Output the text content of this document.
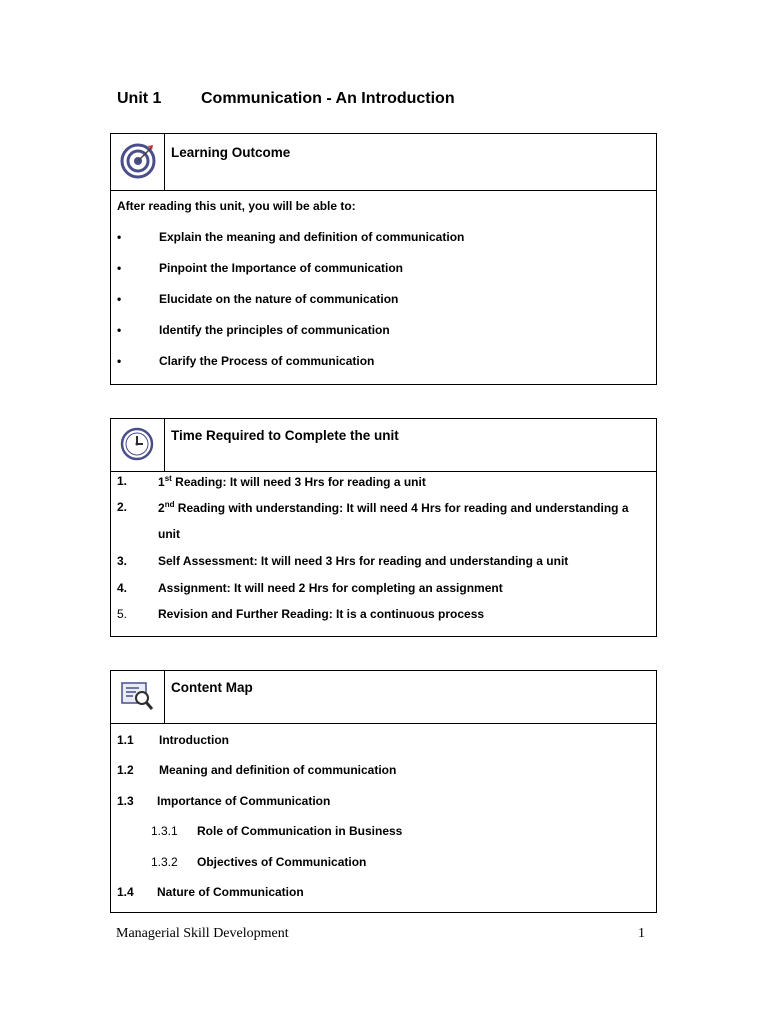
Unit 1 Communication - An Introduction
Learning Outcome
After reading this unit, you will be able to:
•	Explain the meaning and definition of communication
•	Pinpoint the Importance of communication
•	Elucidate on the nature of communication
•	Identify the principles of communication
•	Clarify the Process of communication
Time Required to Complete the unit
1.	1st Reading: It will need 3 Hrs for reading a unit
2.	2nd Reading with understanding: It will need 4 Hrs for reading and understanding a
unit
3.	Self Assessment: It will need 3 Hrs for reading and understanding a unit
4.	Assignment: It will need 2 Hrs for completing an assignment
5.	Revision and Further Reading: It is a continuous process
Content Map
1.1 Introduction
1.2 Meaning and definition of communication
1.3 Importance of Communication
1.3.1 Role of Communication in Business
1.3.2 Objectives of Communication
1.4 Nature of Communication
Managerial Skill Development	1
